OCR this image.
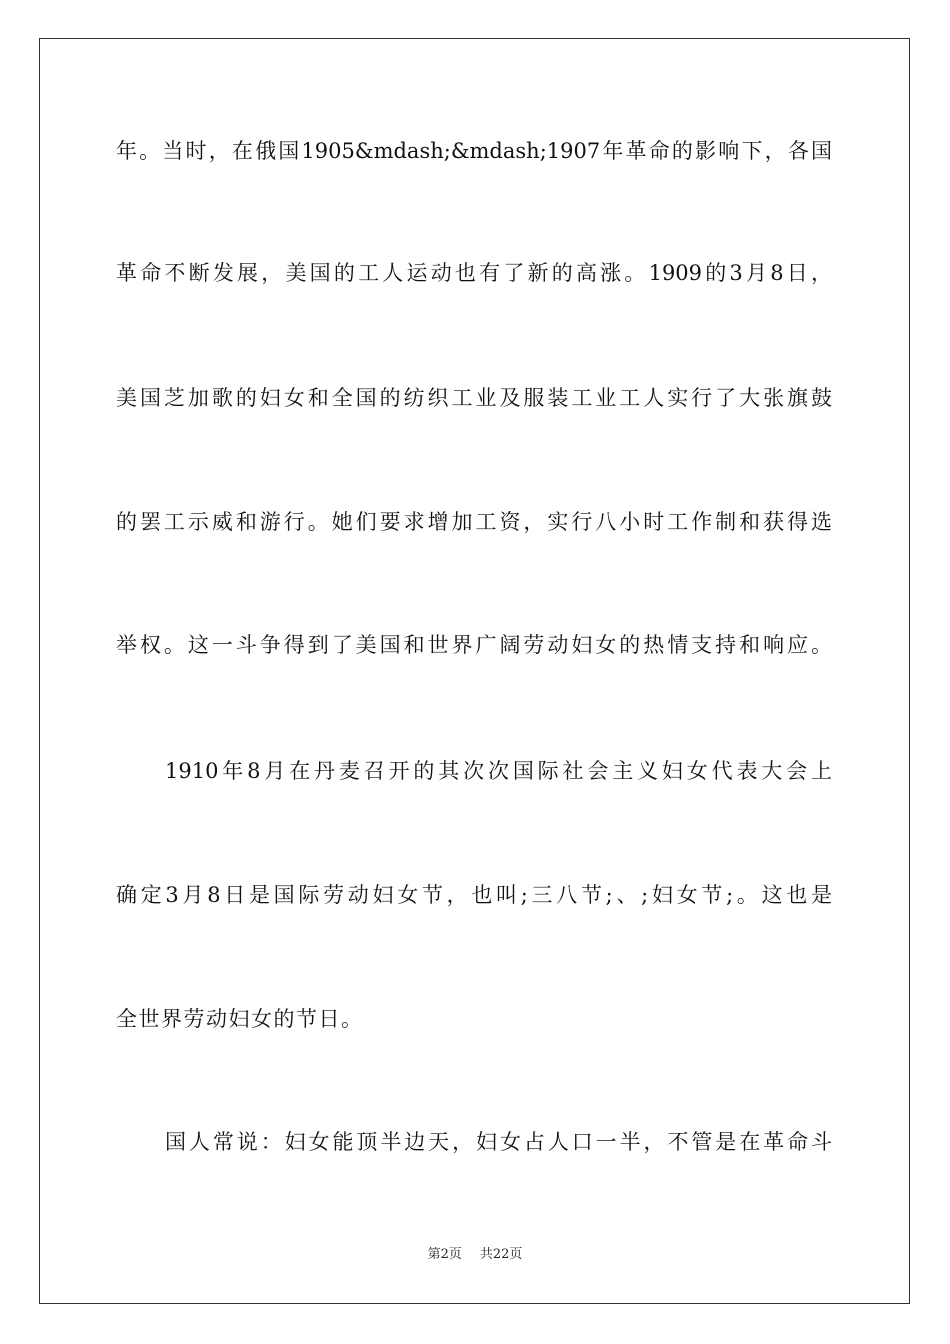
年。当时，在俄国1905&mdash;&mdash;1907年革命的影响下，各国
革命不断发展，美国的工人运动也有了新的高涨。1909的3月8日，
美国芝加歌的妇女和全国的纺织工业及服装工业工人实行了大张旗鼓
的罢工示威和游行。她们要求增加工资，实行八小时工作制和获得选
举权。这一斗争得到了美国和世界广阔劳动妇女的热情支持和响应。
1910年8月在丹麦召开的其次次国际社会主义妇女代表大会上
确定3月8日是国际劳动妇女节，也叫;三八节;、;妇女节;。这也是
全世界劳动妇女的节日。
国人常说：妇女能顶半边天，妇女占人口一半，不管是在革命斗
第2页 共22页
